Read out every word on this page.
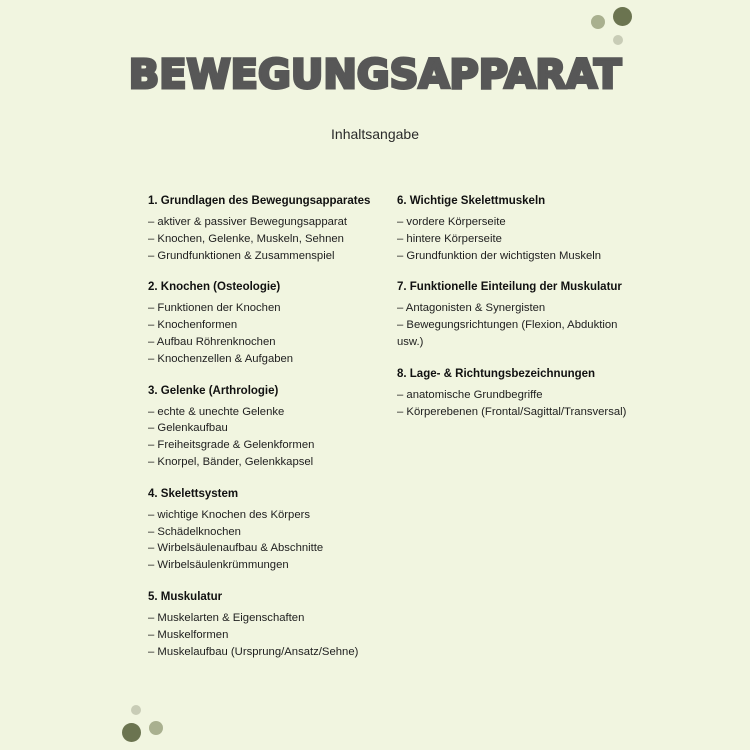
BEWEGUNGSAPPARAT
Inhaltsangabe
1. Grundlagen des Bewegungsapparates
– aktiver & passiver Bewegungsapparat
– Knochen, Gelenke, Muskeln, Sehnen
– Grundfunktionen & Zusammenspiel
2. Knochen (Osteologie)
– Funktionen der Knochen
– Knochenformen
– Aufbau Röhrenknochen
– Knochenzellen & Aufgaben
3. Gelenke (Arthrologie)
– echte & unechte Gelenke
– Gelenkaufbau
– Freiheitsgrade & Gelenkformen
– Knorpel, Bänder, Gelenkkapsel
4. Skelettsystem
– wichtige Knochen des Körpers
– Schädelknochen
– Wirbelsäulenaufbau & Abschnitte
– Wirbelsäulenkrümmungen
5. Muskulatur
– Muskelarten & Eigenschaften
– Muskelformen
– Muskelaufbau (Ursprung/Ansatz/Sehne)
6. Wichtige Skelettmuskeln
– vordere Körperseite
– hintere Körperseite
– Grundfunktion der wichtigsten Muskeln
7. Funktionelle Einteilung der Muskulatur
– Antagonisten & Synergisten
– Bewegungsrichtungen (Flexion, Abduktion usw.)
8. Lage- & Richtungsbezeichnungen
– anatomische Grundbegriffe
– Körperebenen (Frontal/Sagittal/Transversal)
